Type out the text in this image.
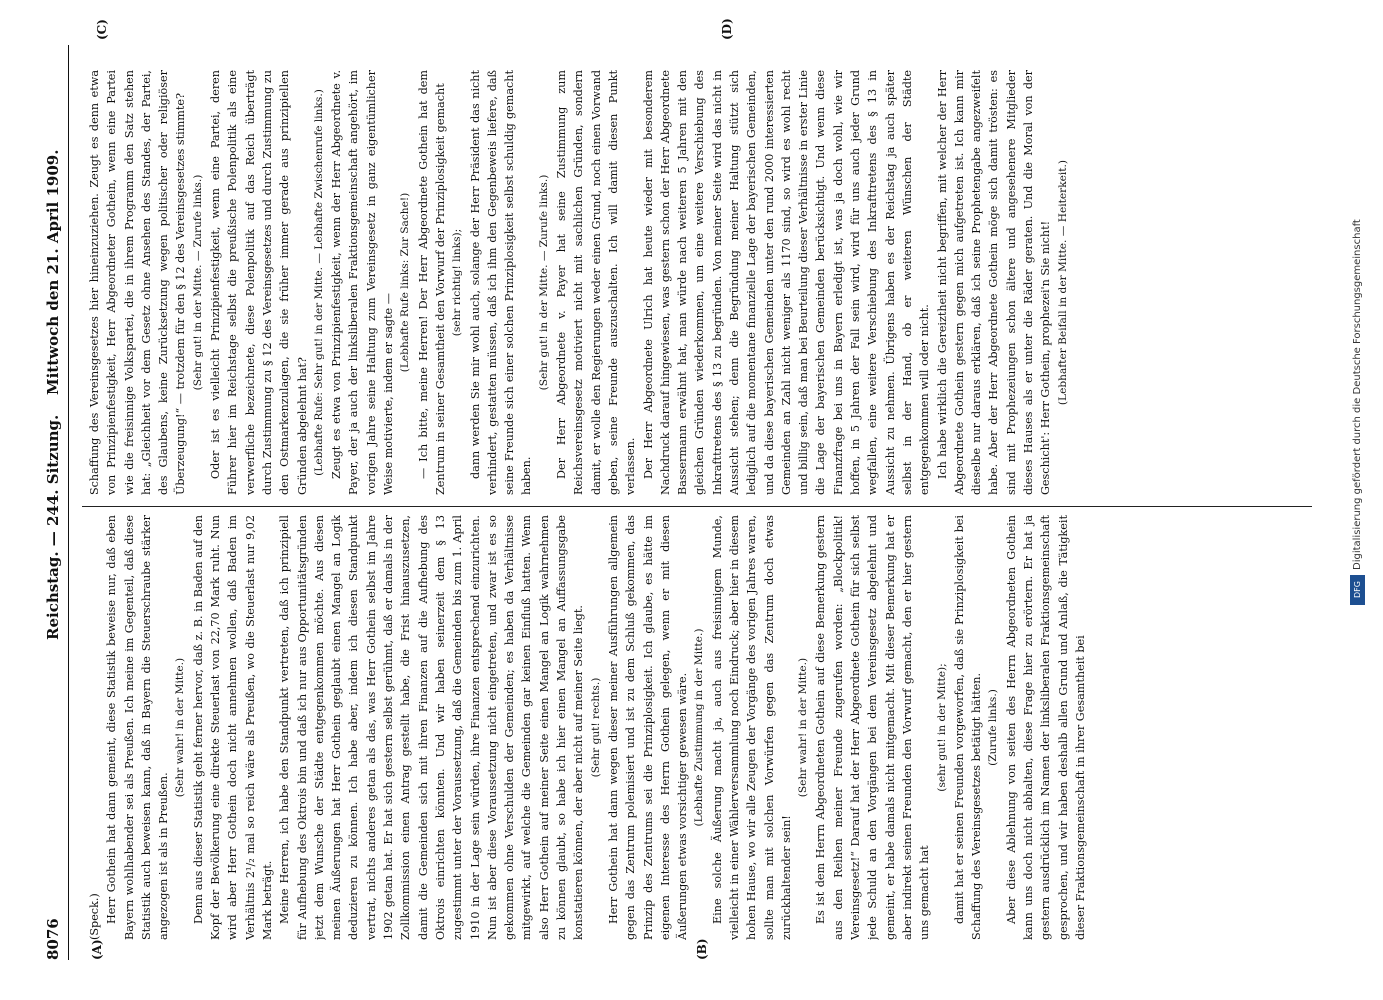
8076
Reichstag. — 244. Sitzung.
Mittwoch den 21. April 1909.
(A)	(B)
(C)	(D)

(Speck.) Herr Gothein hat dann gemeint, diese Statistik beweise nur, daß eben Bayern wohlhabender sei als Preußen. Ich meine im Gegenteil, daß diese Statistik auch beweisen kann, daß in Bayern die Steuerschraube stärker angezogen ist als in Preußen.

(Sehr wahr! in der Mitte.) Denn aus dieser Statistik geht ferner hervor, daß z. B. in Baden auf den Kopf der Bevölkerung eine direkte Steuerlast von 22,70 Mark ruht. Nun wird aber Herr Gothein doch nicht annehmen wollen, daß Baden im Verhältnis 2¹/₂ mal so reich wäre als Preußen, wo die Steuerlast nur 9,02 Mark beträgt. Meine Herren, ich habe den Standpunkt vertreten, daß ich prinzipiell für Aufhebung des Oktrois bin und daß ich nur aus Opportunitätsgründen jetzt dem Wunsche der Städte entgegenkommen möchte. Aus diesen meinen Äußerungen hat Herr Gothein geglaubt einen Mangel an Logik deduzieren zu können. Ich habe aber, indem ich diesen Standpunkt vertrat, nichts anderes getan als das, was Herr Gothein selbst im Jahre 1902 getan hat. Er hat sich gestern selbst gerühmt, daß er damals in der Zollkommission einen Antrag gestellt habe, die Frist hinauszusetzen, damit die Gemeinden sich mit ihren Finanzen auf die Aufhebung des Oktrois einrichten könnten. Und wir haben seinerzeit dem § 13 zugestimmt unter der Voraussetzung, daß die Gemeinden bis zum 1. April 1910 in der Lage sein würden, ihre Finanzen entsprechend einzurichten. Nun ist aber diese Voraussetzung nicht eingetreten, und zwar ist es so gekommen ohne Verschulden der Gemeinden; es haben da Verhältnisse mitgewirkt, auf welche die Gemeinden gar keinen Einfluß hatten. Wenn also Herr Gothein auf meiner Seite einen Mangel an Logik wahrnehmen zu können glaubt, so habe ich hier einen Mangel an Auffassungsgabe konstatieren können, der aber nicht auf meiner Seite liegt. (Sehr gut! rechts.) Herr Gothein hat dann wegen dieser meiner Ausführungen allgemein gegen das Zentrum polemisiert und ist zu dem Schluß gekommen, das Prinzip des Zentrums sei die Prinziplosigkeit. Ich glaube, es hätte im eigenen Interesse des Herrn Gothein gelegen, wenn er mit diesen Äußerungen etwas vorsichtiger gewesen wäre. (Lebhafte Zustimmung in der Mitte.) Eine solche Äußerung macht ja, auch aus freisinnigem Munde, vielleicht in einer Wählerversammlung noch Eindruck; aber hier in diesem hohen Hause, wo wir alle Zeugen der Vorgänge des vorigen Jahres waren, sollte man mit solchen Vorwürfen gegen das Zentrum doch etwas zurückhaltender sein!

(Sehr wahr! in der Mitte.) Es ist dem Herrn Abgeordneten Gothein auf diese Bemerkung gestern aus den Reihen meiner Freunde zugerufen worden: „Blockpolitik! Vereinsgesetz!“ Darauf hat der Herr Abgeordnete Gothein für sich selbst jede Schuld an den Vorgängen bei dem Vereinsgesetz abgelehnt und gemeint, er habe damals nicht mitgemacht. Mit dieser Bemerkung hat er aber indirekt seinen Freunden den Vorwurf gemacht, den er hier gestern uns gemacht hat

(sehr gut! in der Mitte); damit hat er seinen Freunden vorgeworfen, daß sie Prinziplosigkeit bei Schaffung des Vereinsgesetzes betätigt hätten. (Zurufe links.) Aber diese Ablehnung von seiten des Herrn Abgeordneten Gothein kann uns doch nicht abhalten, diese Frage hier zu erörtern. Er hat ja gestern ausdrücklich im Namen der linksliberalen Fraktionsgemeinschaft gesprochen, und wir haben deshalb allen Grund und Anlaß, die Tätigkeit dieser Fraktionsgemeinschaft in ihrer Gesamtheit bei

Schaffung des Vereinsgesetzes hier hineinzuziehen. Zeugt es denn etwa von Prinzipienfestigkeit, Herr Abgeordneter Gothein, wenn eine Partei wie die freisinnige Volkspartei, die in ihrem Programm den Satz stehen hat: „Gleichheit vor dem Gesetz ohne Ansehen des Standes, der Partei, des Glaubens, keine Zurücksetzung wegen politischer oder religiöser Überzeugung!“ — trotzdem für den § 12 des Vereinsgesetzes stimmte? (Sehr gut! in der Mitte. — Zurufe links.) Oder ist es vielleicht Prinzipienfestigkeit, wenn eine Partei, deren Führer hier im Reichstage selbst die preußische Polenpolitik als eine verwerfliche bezeichnete, diese Polenpolitik auf das Reich überträgt durch Zustimmung zu § 12 des Vereinsgesetzes und durch Zustimmung zu den Ostmarkenzulagen, die sie früher immer gerade aus prinzipiellen Gründen abgelehnt hat? (Lebhafte Rufe: Sehr gut! in der Mitte. — Lebhafte Zwischenrufe links.) Zeugt es etwa von Prinzipienfestigkeit, wenn der Herr Abgeordnete v. Payer, der ja auch der linksliberalen Fraktionsgemeinschaft angehört, im vorigen Jahre seine Haltung zum Vereinsgesetz in ganz eigentümlicher Weise motivierte, indem er sagte —

(Lebhafte Rufe links: Zur Sache!) — Ich bitte, meine Herren! Der Herr Abgeordnete Gothein hat dem Zentrum in seiner Gesamtheit den Vorwurf der Prinziplosigkeit gemacht (sehr richtig! links); dann werden Sie mir wohl auch, solange der Herr Präsident das nicht verhindert, gestatten müssen, daß ich ihm den Gegenbeweis liefere, daß seine Freunde sich einer solchen Prinziplosigkeit selbst schuldig gemacht haben.

(Sehr gut! in der Mitte. — Zurufe links.) Der Herr Abgeordnete v. Payer hat seine Zustimmung zum Reichsvereinsgesetz motiviert nicht mit sachlichen Gründen, sondern damit, er wolle den Regierungen weder einen Grund, noch einen Vorwand geben, seine Freunde auszuschalten. Ich will damit diesen Punkt verlassen. Der Herr Abgeordnete Ulrich hat heute wieder mit besonderem Nachdruck darauf hingewiesen, was gestern schon der Herr Abgeordnete Bassermann erwähnt hat, man würde nach weiteren 5 Jahren mit den gleichen Gründen wiederkommen, um eine weitere Verschiebung des Inkrafttretens des § 13 zu begründen. Von meiner Seite wird das nicht in Aussicht stehen; denn die Begründung meiner Haltung stützt sich lediglich auf die momentane finanzielle Lage der bayerischen Gemeinden, und da diese bayerischen Gemeinden unter den rund 2000 interessierten Gemeinden an Zahl nicht weniger als 1170 sind, so wird es wohl recht und billig sein, daß man bei Beurteilung dieser Verhältnisse in erster Linie die Lage der bayerischen Gemeinden berücksichtigt. Und wenn diese Finanzfrage bei uns in Bayern erledigt ist, was ja doch wohl, wie wir hoffen, in 5 Jahren der Fall sein wird, wird für uns auch jeder Grund wegfallen, eine weitere Verschiebung des Inkrafttretens des § 13 in Aussicht zu nehmen. Übrigens haben es der Reichstag ja auch später selbst in der Hand, ob er weiteren Wünschen der Städte entgegenkommen will oder nicht. Ich habe wirklich die Gereiztheit nicht begriffen, mit welcher der Herr Abgeordnete Gothein gestern gegen mich aufgetreten ist. Ich kann mir dieselbe nur daraus erklären, daß ich seine Prophetengabe angezweifelt habe. Aber der Herr Abgeordnete Gothein möge sich damit trösten: es sind mit Prophezeiungen schon ältere und angesehenere Mitglieder dieses Hauses als er unter die Räder geraten. Und die Moral von der Geschicht': Herr Gothein, prophezei'n Sie nicht! (Lebhafter Beifall in der Mitte. — Heiterkeit.)	Digitalisierung gefördert durch die Deutsche Forschungsgemeinschaft
DFG
